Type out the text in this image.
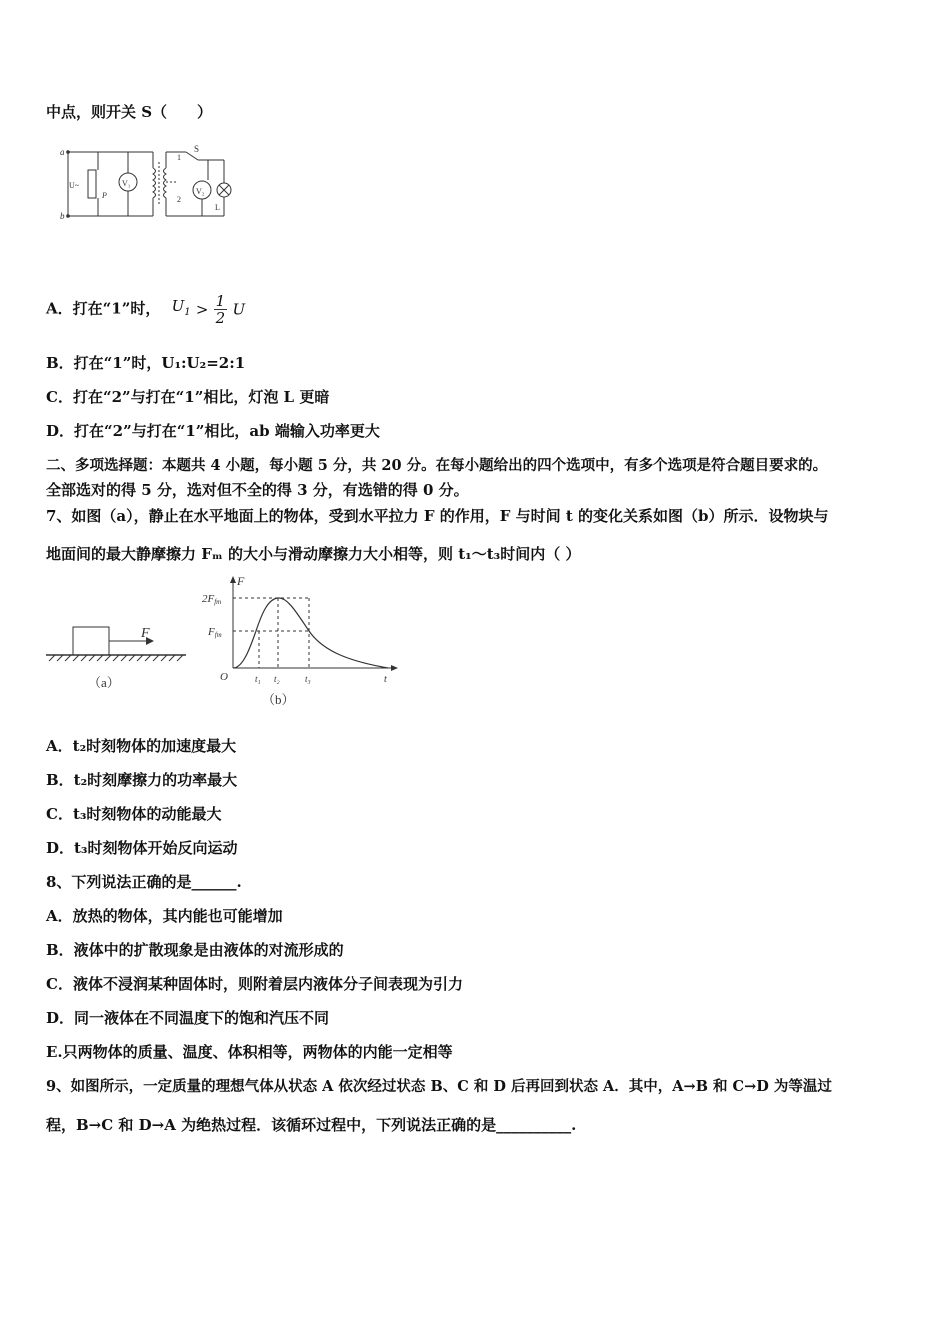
中点，则开关 S（　　）
a
b
U~
P
V₁
V₂
S
1
2
L
A．打在“1”时， $U_1 > \frac{1}{2}$ U
B．打在“1”时，U₁:U₂=2:1
C．打在“2”与打在“1”相比，灯泡 L 更暗
D．打在“2”与打在“1”相比，ab 端输入功率更大
二、多项选择题：本题共 4 小题，每小题 5 分，共 20 分。在每小题给出的四个选项中，有多个选项是符合题目要求的。
全部选对的得 5 分，选对但不全的得 3 分，有选错的得 0 分。
7、如图（a），静止在水平地面上的物体，受到水平拉力 F 的作用，F 与时间 t 的变化关系如图（b）所示．设物块与
地面间的最大静摩擦力 Fₘ 的大小与滑动摩擦力大小相等，则 t₁～t₃时间内（ ）
F
（a）
F
2Ffm
Ffm
O	t₁ t₂	t₃	t
（b）
A．t₂时刻物体的加速度最大
B．t₂时刻摩擦力的功率最大
C．t₃时刻物体的动能最大
D．t₃时刻物体开始反向运动
8、下列说法正确的是______.
A．放热的物体，其内能也可能增加
B．液体中的扩散现象是由液体的对流形成的
C．液体不浸润某种固体时，则附着层内液体分子间表现为引力
D．同一液体在不同温度下的饱和汽压不同
E.只两物体的质量、温度、体积相等，两物体的内能一定相等
9、如图所示，一定质量的理想气体从状态 A 依次经过状态 B、C 和 D 后再回到状态 A．其中，A→B 和 C→D 为等温过
程，B→C 和 D→A 为绝热过程．该循环过程中，下列说法正确的是__________.
